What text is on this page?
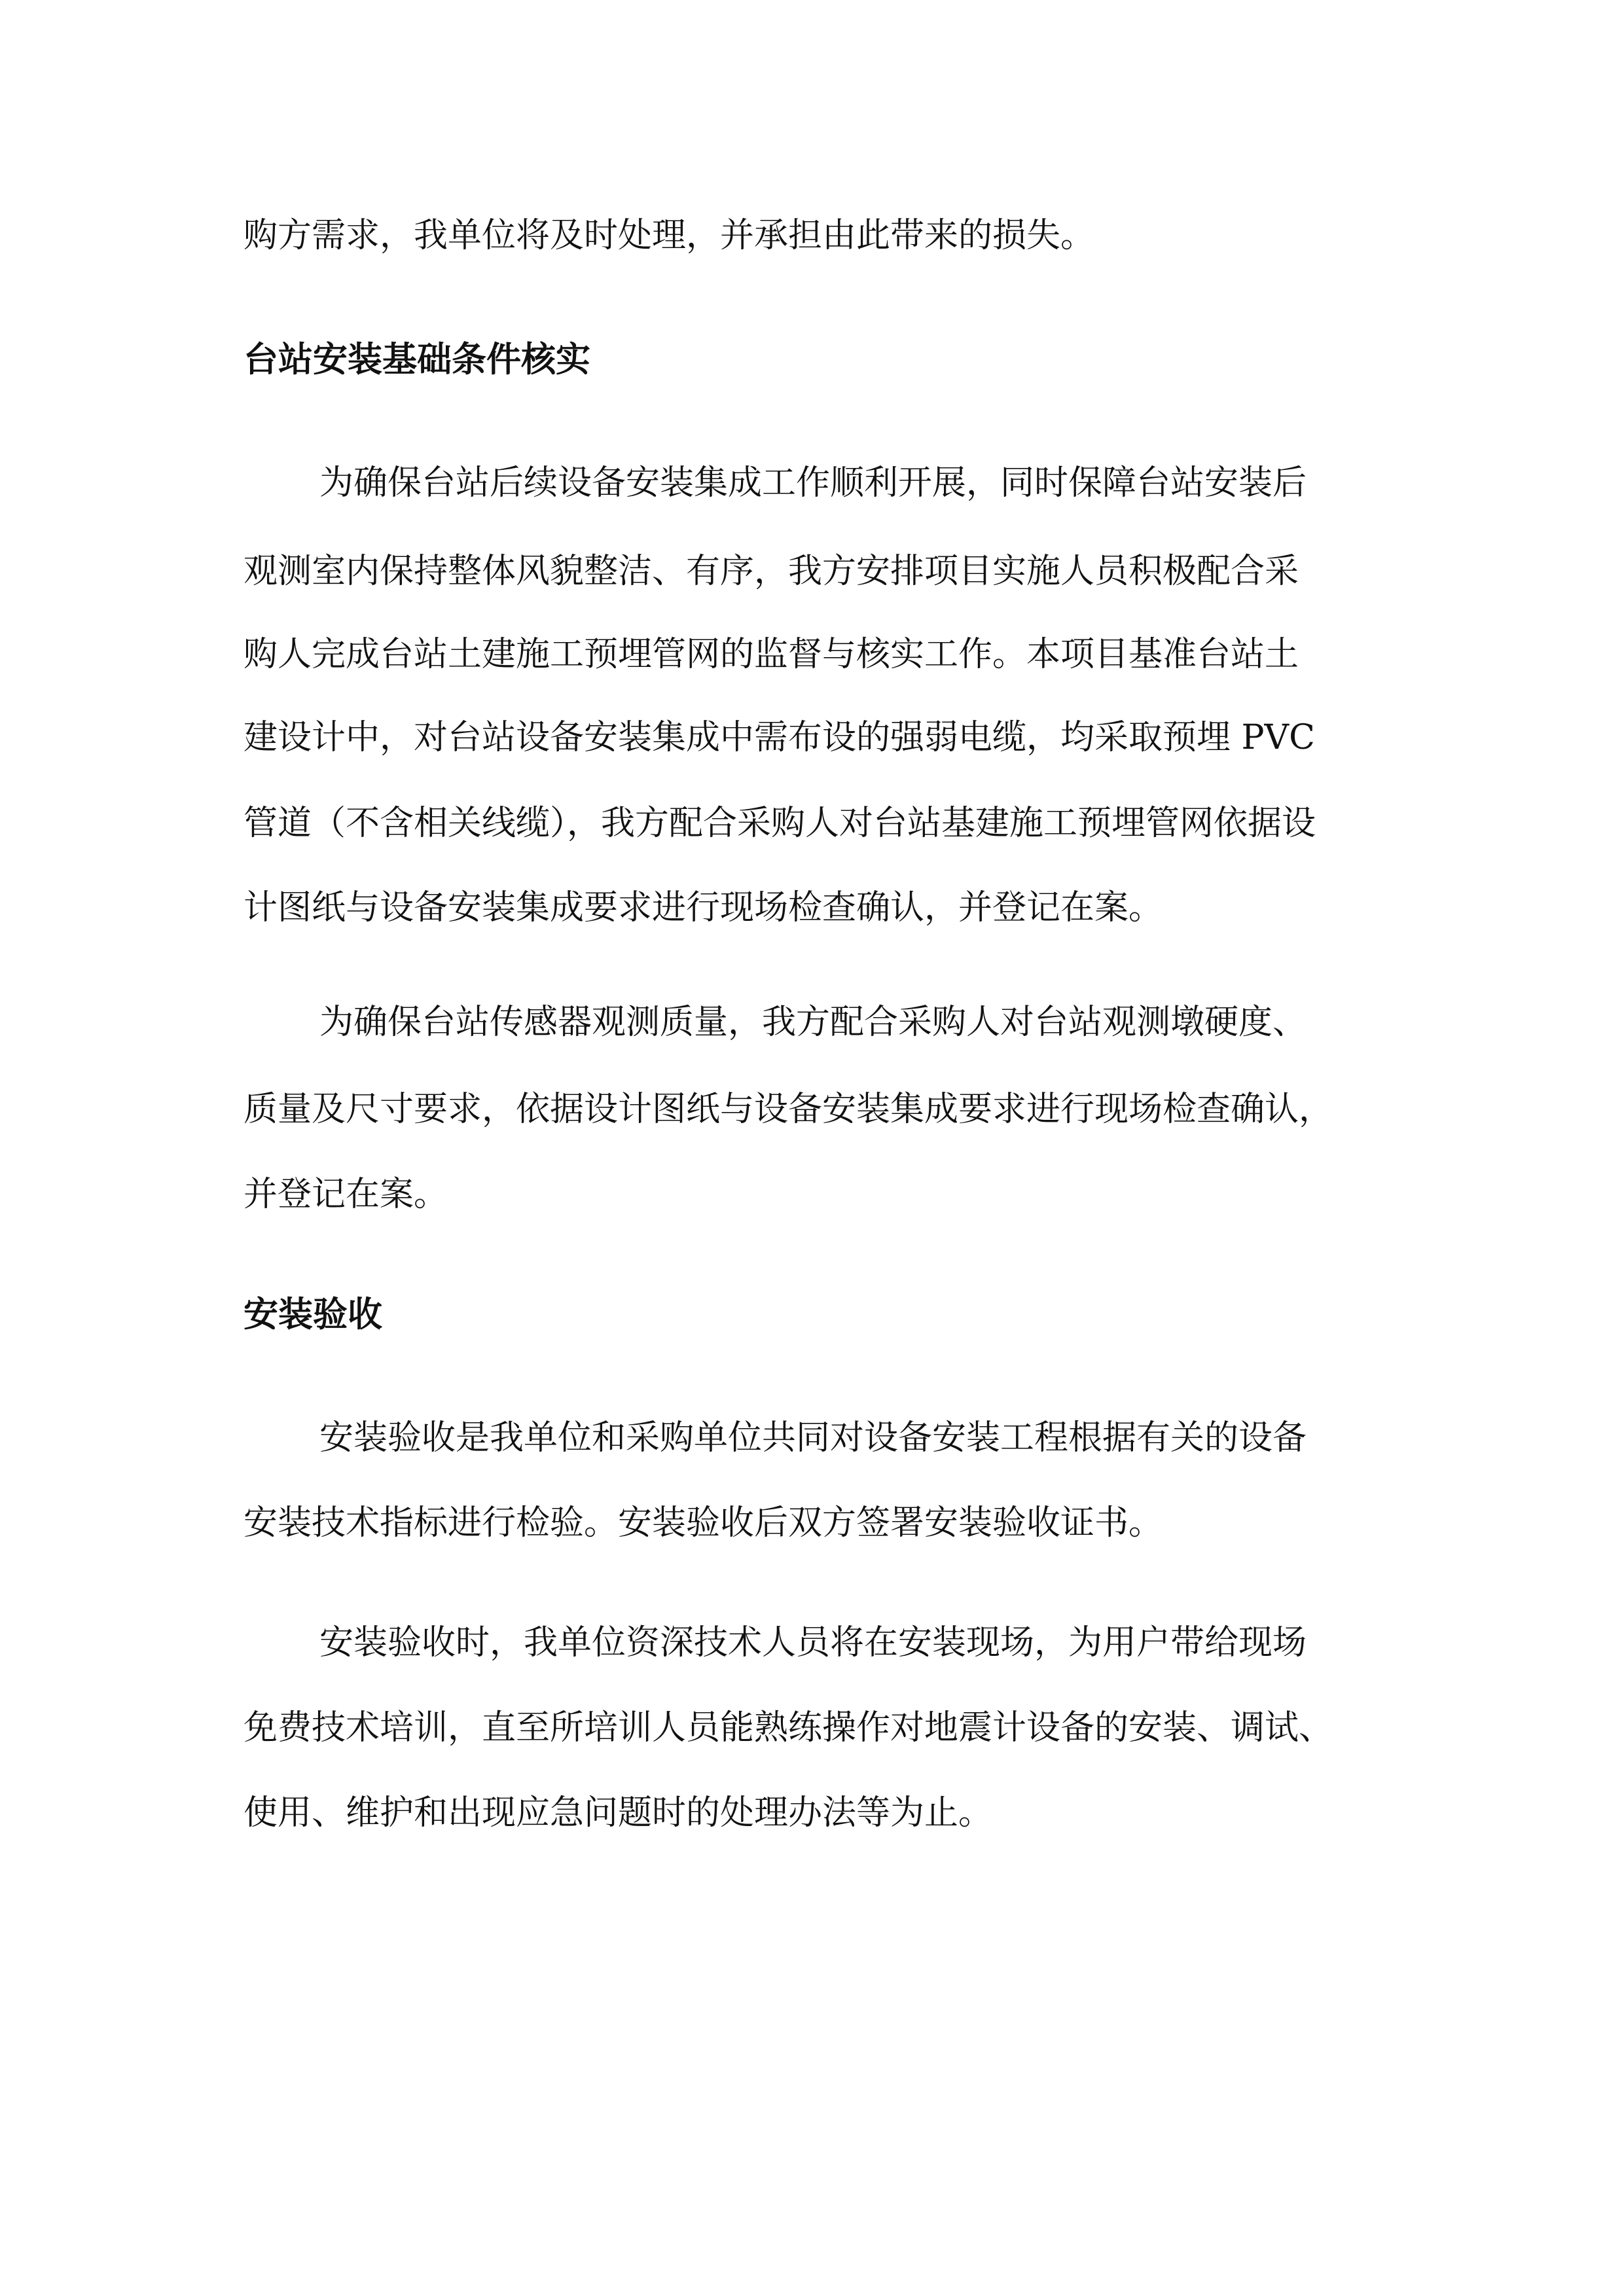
购方需求，我单位将及时处理，并承担由此带来的损失。

台站安装基础条件核实

为确保台站后续设备安装集成工作顺利开展，同时保障台站安装后

观测室内保持整体风貌整洁、有序，我方安排项目实施人员积极配合采

购人完成台站土建施工预埋管网的监督与核实工作。本项目基准台站土

建设计中，对台站设备安装集成中需布设的强弱电缆，均采取预埋 PVC

管道（不含相关线缆），我方配合采购人对台站基建施工预埋管网依据设

计图纸与设备安装集成要求进行现场检查确认，并登记在案。

为确保台站传感器观测质量，我方配合采购人对台站观测墩硬度、

质量及尺寸要求，依据设计图纸与设备安装集成要求进行现场检查确认，

并登记在案。

安装验收

安装验收是我单位和采购单位共同对设备安装工程根据有关的设备

安装技术指标进行检验。安装验收后双方签署安装验收证书。

安装验收时，我单位资深技术人员将在安装现场，为用户带给现场

免费技术培训，直至所培训人员能熟练操作对地震计设备的安装、调试、

使用、维护和出现应急问题时的处理办法等为止。
